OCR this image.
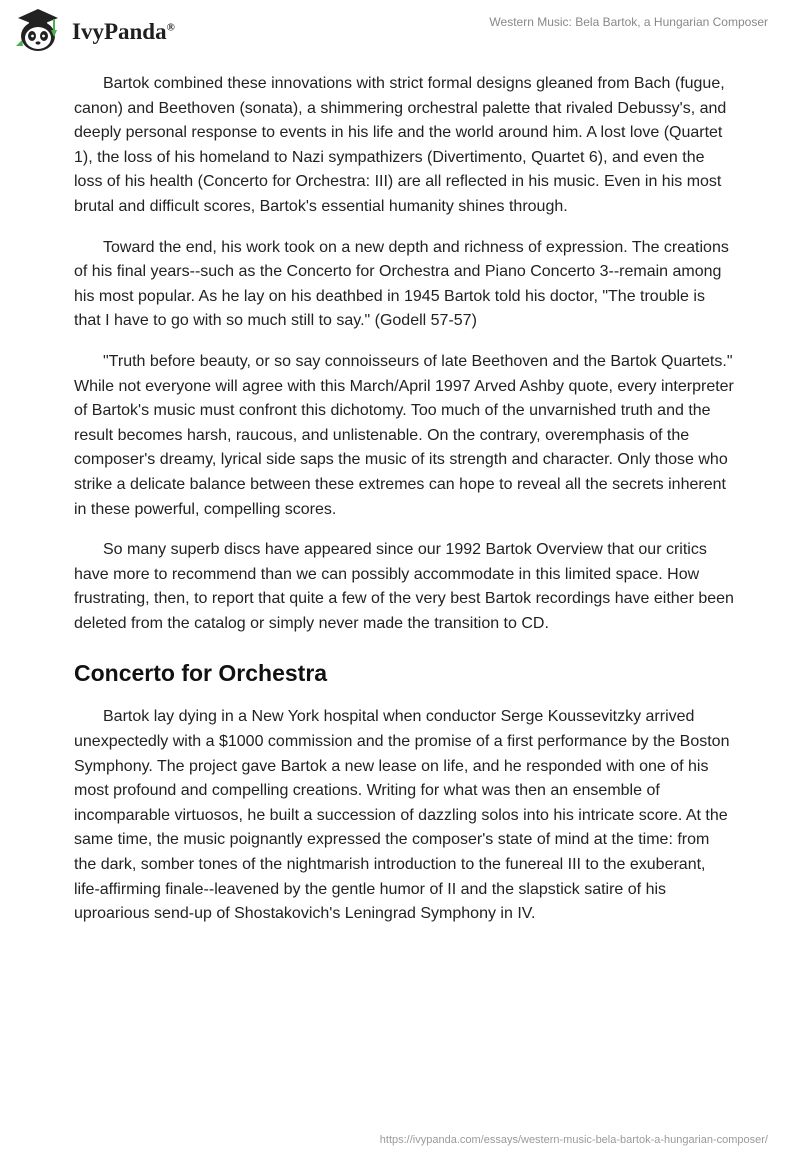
IvyPanda®	Western Music: Bela Bartok, a Hungarian Composer

Bartok combined these innovations with strict formal designs gleaned from Bach (fugue, canon) and Beethoven (sonata), a shimmering orchestral palette that rivaled Debussy's, and deeply personal response to events in his life and the world around him. A lost love (Quartet 1), the loss of his homeland to Nazi sympathizers (Divertimento, Quartet 6), and even the loss of his health (Concerto for Orchestra: III) are all reflected in his music. Even in his most brutal and difficult scores, Bartok's essential humanity shines through.

Toward the end, his work took on a new depth and richness of expression. The creations of his final years--such as the Concerto for Orchestra and Piano Concerto 3--remain among his most popular. As he lay on his deathbed in 1945 Bartok told his doctor, "The trouble is that I have to go with so much still to say." (Godell 57-57)

"Truth before beauty, or so say connoisseurs of late Beethoven and the Bartok Quartets." While not everyone will agree with this March/April 1997 Arved Ashby quote, every interpreter of Bartok's music must confront this dichotomy. Too much of the unvarnished truth and the result becomes harsh, raucous, and unlistenable. On the contrary, overemphasis of the composer's dreamy, lyrical side saps the music of its strength and character. Only those who strike a delicate balance between these extremes can hope to reveal all the secrets inherent in these powerful, compelling scores.

So many superb discs have appeared since our 1992 Bartok Overview that our critics have more to recommend than we can possibly accommodate in this limited space. How frustrating, then, to report that quite a few of the very best Bartok recordings have either been deleted from the catalog or simply never made the transition to CD.

Concerto for Orchestra

Bartok lay dying in a New York hospital when conductor Serge Koussevitzky arrived unexpectedly with a $1000 commission and the promise of a first performance by the Boston Symphony. The project gave Bartok a new lease on life, and he responded with one of his most profound and compelling creations. Writing for what was then an ensemble of incomparable virtuosos, he built a succession of dazzling solos into his intricate score. At the same time, the music poignantly expressed the composer's state of mind at the time: from the dark, somber tones of the nightmarish introduction to the funereal III to the exuberant, life-affirming finale--leavened by the gentle humor of II and the slapstick satire of his uproarious send-up of Shostakovich's Leningrad Symphony in IV.

https://ivypanda.com/essays/western-music-bela-bartok-a-hungarian-composer/
